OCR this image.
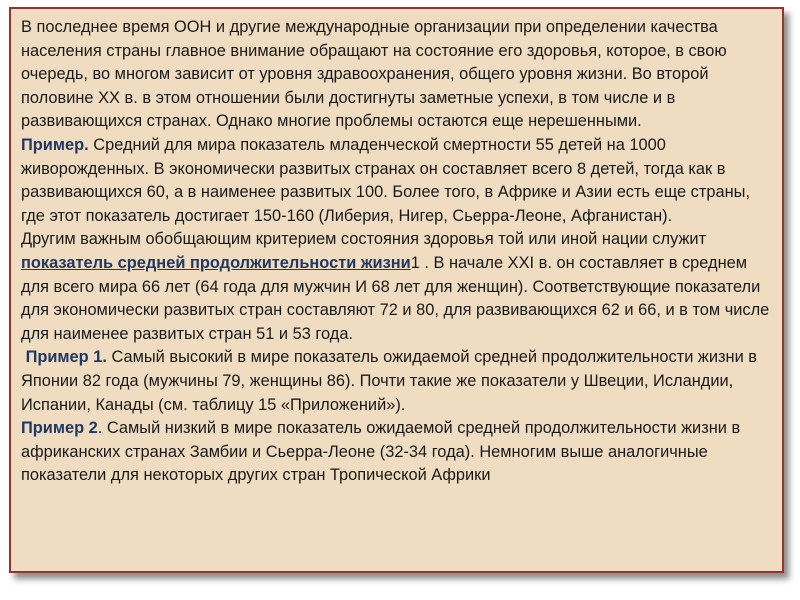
В последнее время ООН и другие международные организации при определении качества населения страны главное внимание обращают на состояние его здоровья, которое, в свою очередь, во многом зависит от уровня здравоохранения, общего уровня жизни. Во второй половине XX в. в этом отношении были достигнуты заметные успехи, в том числе и в развивающихся странах. Однако многие проблемы остаются еще нерешенными.

Пример. Средний для мира показатель младенческой смертности 55 детей на 1000 живорожденных. В экономически развитых странах он составляет всего 8 детей, тогда как в развивающихся 60, а в наименее развитых 100. Более того, в Африке и Азии есть еще страны, где этот показатель достигает 150-160 (Либерия, Нигер, Сьерра-Леоне, Афганистан).

Другим важным обобщающим критерием состояния здоровья той или иной нации служит показатель средней продолжительности жизни1 . В начале XXI в. он составляет в среднем для всего мира 66 лет (64 года для мужчин И 68 лет для женщин). Соответствующие показатели для экономически развитых стран составляют 72 и 80, для развивающихся 62 и 66, и в том числе для наименее развитых стран 51 и 53 года.

Пример 1. Самый высокий в мире показатель ожидаемой средней продолжительности жизни в Японии 82 года (мужчины 79, женщины 86). Почти такие же показатели у Швеции, Исландии, Испании, Канады (см. таблицу 15 «Приложений»).

Пример 2. Самый низкий в мире показатель ожидаемой средней продолжительности жизни в африканских странах Замбии и Сьерра-Леоне (32-34 года). Немногим выше аналогичные показатели для некоторых других стран Тропической Африки
